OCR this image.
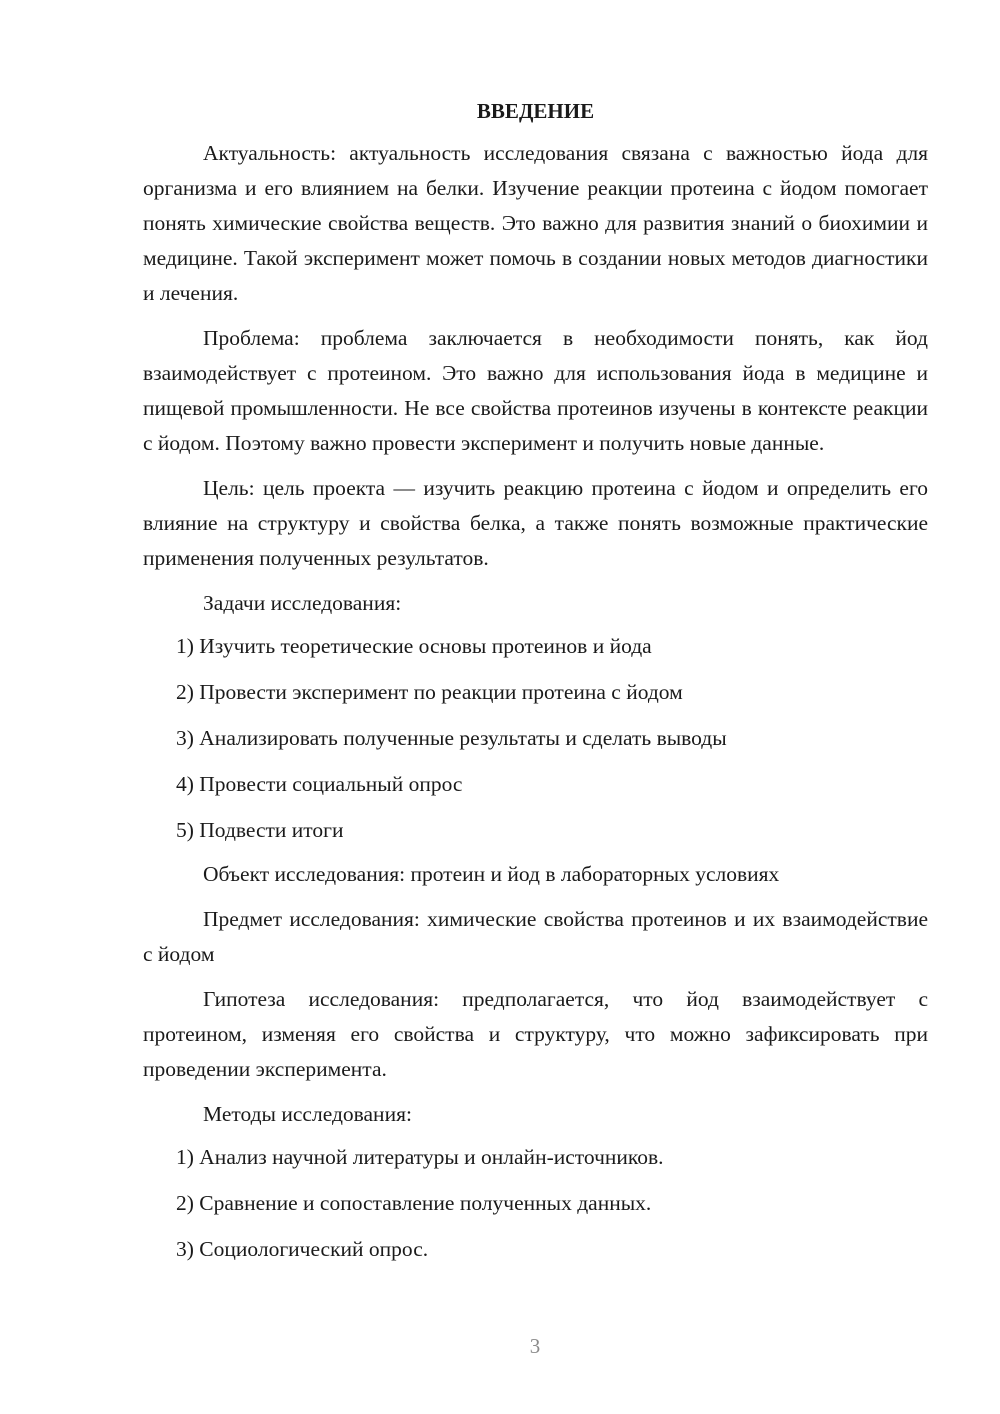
ВВЕДЕНИЕ

Актуальность: актуальность исследования связана с важностью йода для организма и его влиянием на белки. Изучение реакции протеина с йодом помогает понять химические свойства веществ. Это важно для развития знаний о биохимии и медицине. Такой эксперимент может помочь в создании новых методов диагностики и лечения.

Проблема: проблема заключается в необходимости понять, как йод взаимодействует с протеином. Это важно для использования йода в медицине и пищевой промышленности. Не все свойства протеинов изучены в контексте реакции с йодом. Поэтому важно провести эксперимент и получить новые данные.

Цель: цель проекта — изучить реакцию протеина с йодом и определить его влияние на структуру и свойства белка, а также понять возможные практические применения полученных результатов.

Задачи исследования:

1) Изучить теоретические основы протеинов и йода

2) Провести эксперимент по реакции протеина с йодом

3) Анализировать полученные результаты и сделать выводы

4) Провести социальный опрос

5) Подвести итоги

Объект исследования: протеин и йод в лабораторных условиях

Предмет исследования: химические свойства протеинов и их взаимодействие с йодом

Гипотеза исследования: предполагается, что йод взаимодействует с протеином, изменяя его свойства и структуру, что можно зафиксировать при проведении эксперимента.

Методы исследования:

1) Анализ научной литературы и онлайн-источников.

2) Сравнение и сопоставление полученных данных.

3) Социологический опрос.

3
